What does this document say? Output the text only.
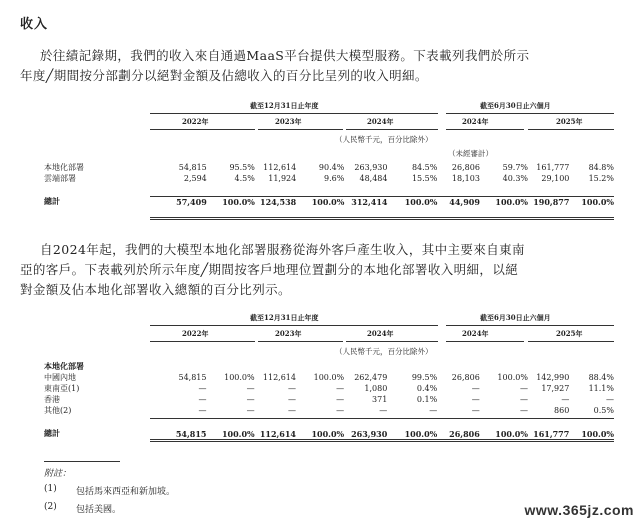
收入
於往績記錄期，我們的收入來自通過MaaS平台提供大模型服務。下表載列我們於所示
年度╱期間按分部劃分以絕對金額及佔總收入的百分比呈列的收入明細。
截至12月31日止年度	截至6月30日止六個月
2022年	2023年	2024年	2024年	2025年
（人民幣千元，百分比除外）
（未經審計）
本地化部署	54,815	95.5%	112,614	90.4%	263,930	84.5%	26,806	59.7%	161,777	84.8%
雲端部署	2,594	4.5%	11,924	9.6%	48,484	15.5%	18,103	40.3%	29,100	15.2%

總計	57,409	100.0%	124,538	100.0%	312,414	100.0%	44,909	100.0%	190,877	100.0%
自2024年起，我們的大模型本地化部署服務從海外客戶產生收入，其中主要來自東南
亞的客戶。下表載列於所示年度╱期間按客戶地理位置劃分的本地化部署收入明細，以絕
對金額及佔本地化部署收入總額的百分比列示。
截至12月31日止年度	截至6月30日止六個月
2022年	2023年	2024年	2024年	2025年
（人民幣千元，百分比除外）
本地化部署
中國內地	54,815	100.0%	112,614	100.0%	262,479	99.5%	26,806	100.0%	142,990	88.4%
東南亞(1)	—	—	—	—	1,080	0.4%	—	—	17,927	11.1%
香港	—	—	—	—	371	0.1%	—	—	—	—
其他(2)	—	—	—	—	—	—	—	—	860	0.5%

總計	54,815	100.0%	112,614	100.0%	263,930	100.0%	26,806	100.0%	161,777	100.0%
附註：
(1) 包括馬來西亞和新加坡。
(2) 包括美國。	www.365jz.com
